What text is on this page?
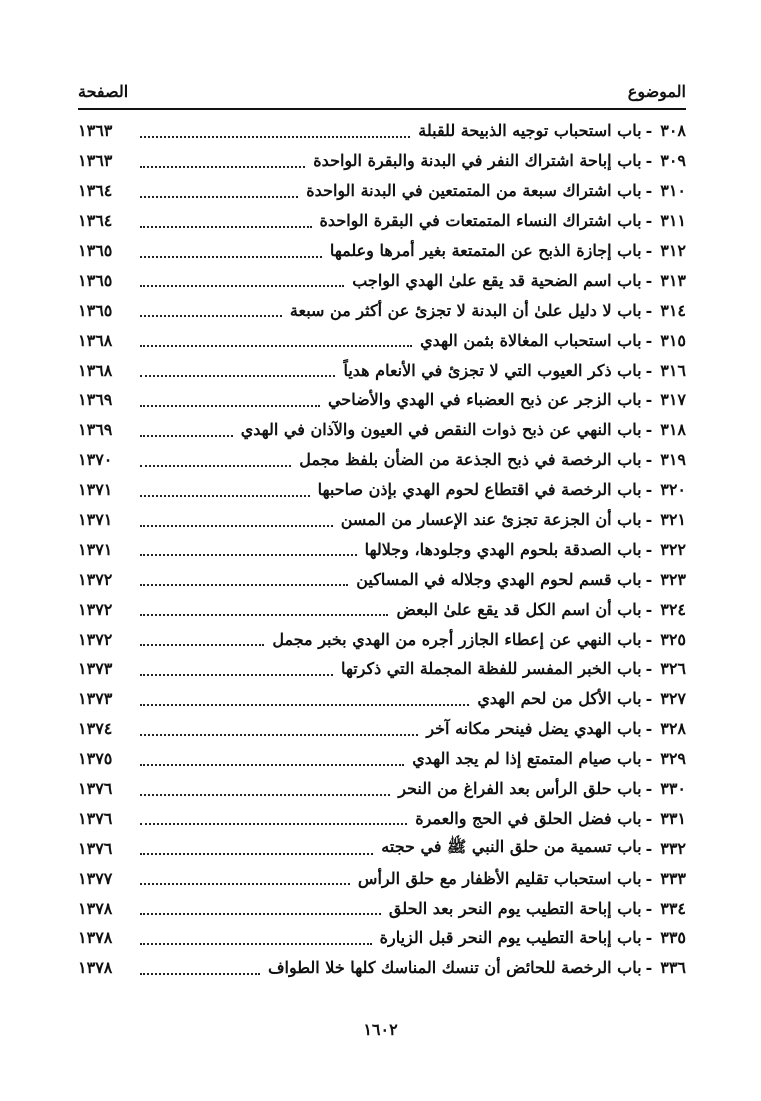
الموضوع
الصفحة
٣٠٨
-
باب استحباب توجيه الذبيحة للقبلة
١٣٦٣
٣٠٩
-
باب إباحة اشتراك النفر في البدنة والبقرة الواحدة
١٣٦٣
٣١٠
-
باب اشتراك سبعة من المتمتعين في البدنة الواحدة
١٣٦٤
٣١١
-
باب اشتراك النساء المتمتعات في البقرة الواحدة
١٣٦٤
٣١٢
-
باب إجازة الذبح عن المتمتعة بغير أمرها وعلمها
١٣٦٥
٣١٣
-
باب اسم الضحية قد يقع علىٰ الهدي الواجب
١٣٦٥
٣١٤
-
باب لا دليل علىٰ أن البدنة لا تجزئ عن أكثر من سبعة
١٣٦٥
٣١٥
-
باب استحباب المغالاة بثمن الهدي
١٣٦٨
٣١٦
-
باب ذكر العيوب التي لا تجزئ في الأنعام هدياً
١٣٦٨
٣١٧
-
باب الزجر عن ذبح العضباء في الهدي والأضاحي
١٣٦٩
٣١٨
-
باب النهي عن ذبح ذوات النقص في العيون والآذان في الهدي
١٣٦٩
٣١٩
-
باب الرخصة في ذبح الجذعة من الضأن بلفظ مجمل
١٣٧٠
٣٢٠
-
باب الرخصة في اقتطاع لحوم الهدي بإذن صاحبها
١٣٧١
٣٢١
-
باب أن الجزعة تجزئ عند الإعسار من المسن
١٣٧١
٣٢٢
-
باب الصدقة بلحوم الهدي وجلودها، وجلالها
١٣٧١
٣٢٣
-
باب قسم لحوم الهدي وجلاله في المساكين
١٣٧٢
٣٢٤
-
باب أن اسم الكل قد يقع علىٰ البعض
١٣٧٢
٣٢٥
-
باب النهي عن إعطاء الجازر أجره من الهدي بخبر مجمل
١٣٧٢
٣٢٦
-
باب الخبر المفسر للفظة المجملة التي ذكرتها
١٣٧٣
٣٢٧
-
باب الأكل من لحم الهدي
١٣٧٣
٣٢٨
-
باب الهدي يضل فينحر مكانه آخر
١٣٧٤
٣٢٩
-
باب صيام المتمتع إذا لم يجد الهدي
١٣٧٥
٣٣٠
-
باب حلق الرأس بعد الفراغ من النحر
١٣٧٦
٣٣١
-
باب فضل الحلق في الحج والعمرة
١٣٧٦
٣٣٢
-
باب تسمية من حلق النبي ﷺ في حجته
١٣٧٦
٣٣٣
-
باب استحباب تقليم الأظفار مع حلق الرأس
١٣٧٧
٣٣٤
-
باب إباحة التطيب يوم النحر بعد الحلق
١٣٧٨
٣٣٥
-
باب إباحة التطيب يوم النحر قبل الزيارة
١٣٧٨
٣٣٦
-
باب الرخصة للحائض أن تنسك المناسك كلها خلا الطواف
١٣٧٨
١٦٠٢
